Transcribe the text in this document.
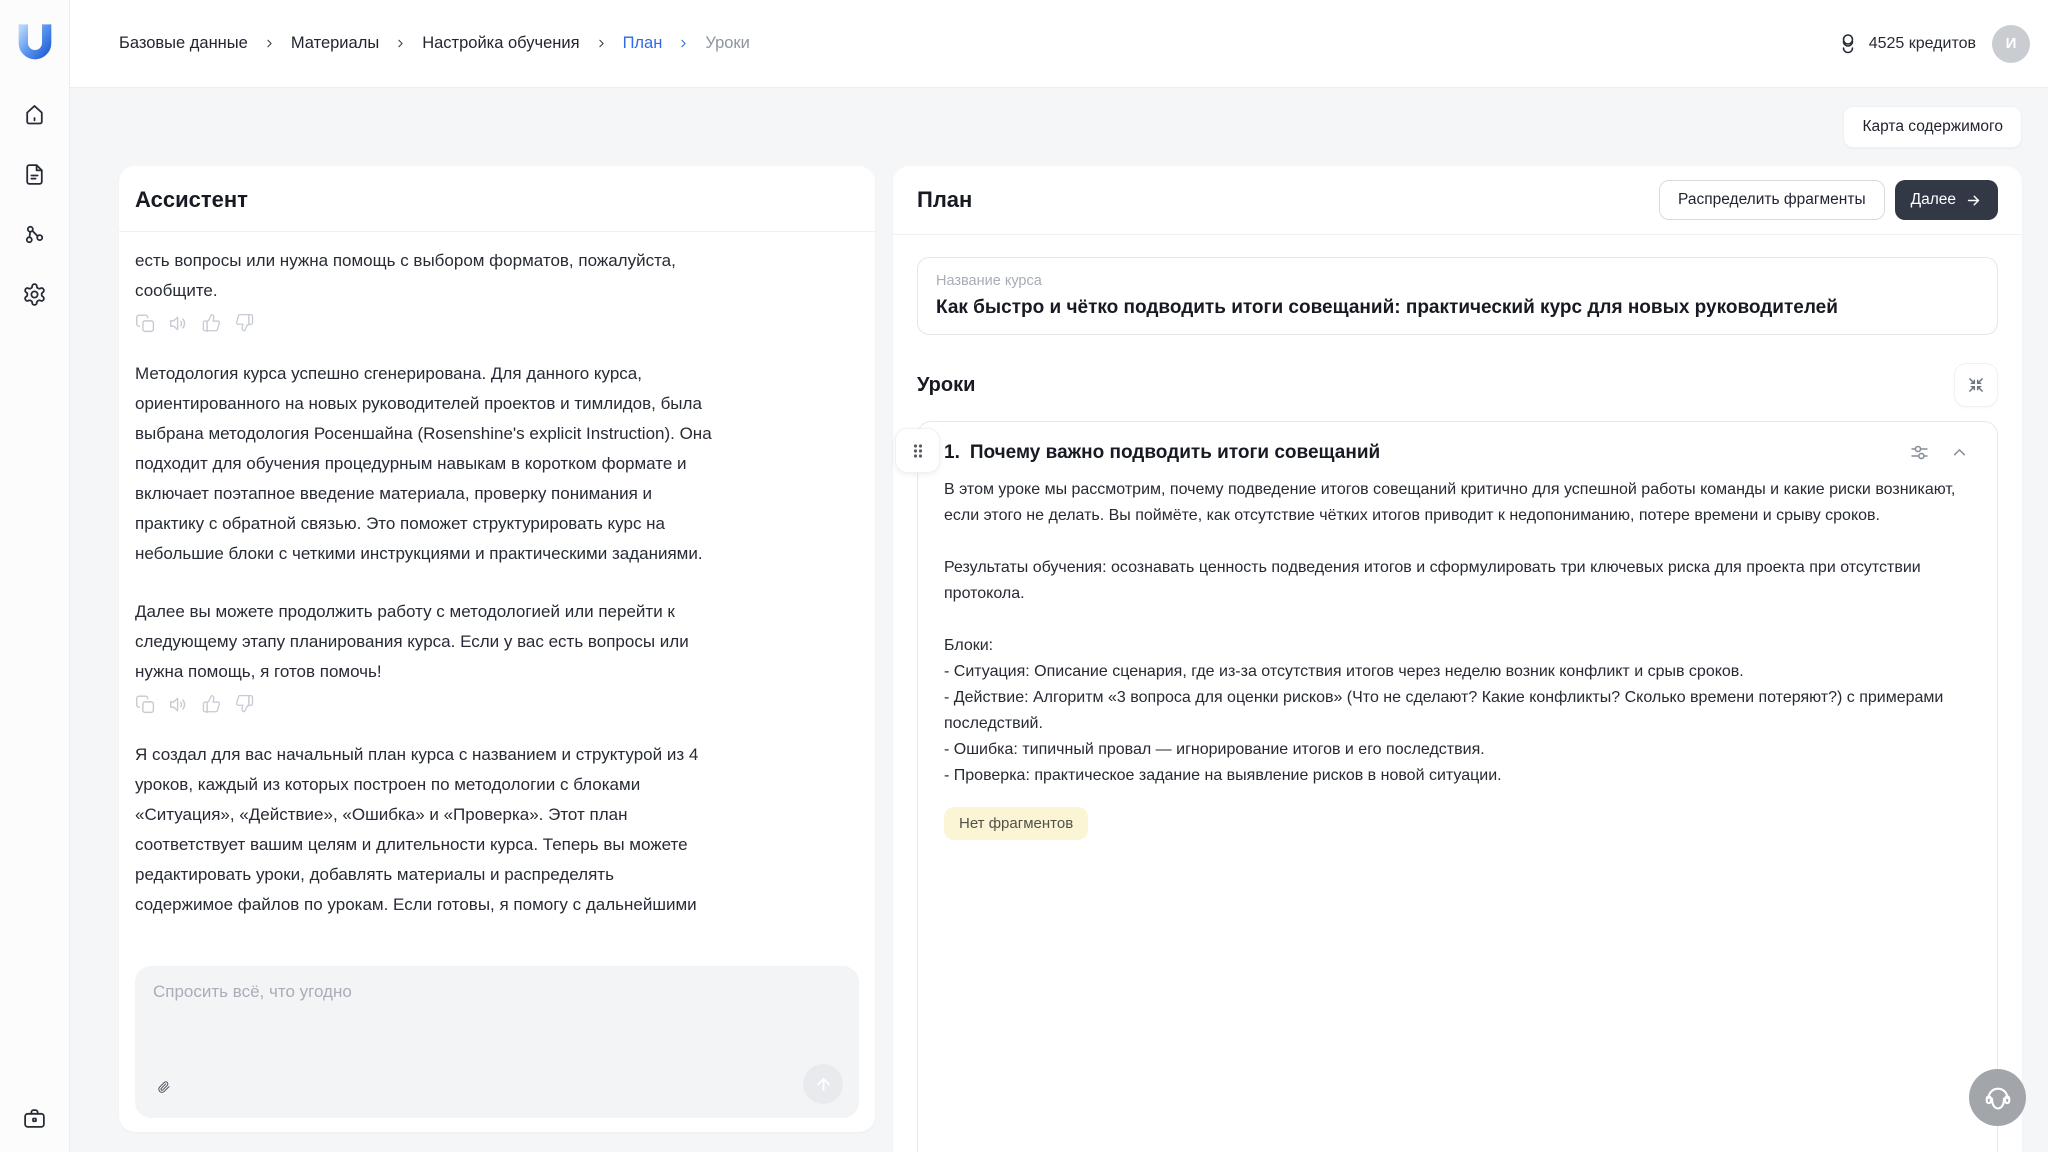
Базовые данные	Материалы	Настройка обучения	План	Уроки	4525 кредитов	И
Карта содержимого
Ассистент

есть вопросы или нужна помощь с выбором форматов, пожалуйста, сообщите.

Методология курса успешно сгенерирована. Для данного курса, ориентированного на новых руководителей проектов и тимлидов, была выбрана методология Росеншайна (Rosenshine's explicit Instruction). Она подходит для обучения процедурным навыкам в коротком формате и включает поэтапное введение материала, проверку понимания и практику с обратной связью. Это поможет структурировать курс на небольшие блоки с четкими инструкциями и практическими заданиями.

Далее вы можете продолжить работу с методологией или перейти к следующему этапу планирования курса. Если у вас есть вопросы или нужна помощь, я готов помочь!

Я создал для вас начальный план курса с названием и структурой из 4 уроков, каждый из которых построен по методологии с блоками «Ситуация», «Действие», «Ошибка» и «Проверка». Этот план соответствует вашим целям и длительности курса. Теперь вы можете редактировать уроки, добавлять материалы и распределять содержимое файлов по урокам. Если готовы, я помогу с дальнейшими

Спросить всё, что угодно
План	Распределить фрагменты	Далее
Название курса
Как быстро и чётко подводить итоги совещаний: практический курс для новых руководителей
Уроки
1. Почему важно подводить итоги совещаний
В этом уроке мы рассмотрим, почему подведение итогов совещаний критично для успешной работы команды и какие риски возникают, если этого не делать. Вы поймёте, как отсутствие чётких итогов приводит к недопониманию, потере времени и срыву сроков.
Результаты обучения: осознавать ценность подведения итогов и сформулировать три ключевых риска для проекта при отсутствии протокола.
Блоки:
- Ситуация: Описание сценария, где из-за отсутствия итогов через неделю возник конфликт и срыв сроков.
- Действие: Алгоритм «3 вопроса для оценки рисков» (Что не сделают? Какие конфликты? Сколько времени потеряют?) с примерами последствий.
- Ошибка: типичный провал — игнорирование итогов и его последствия.
- Проверка: практическое задание на выявление рисков в новой ситуации.
Нет фрагментов
